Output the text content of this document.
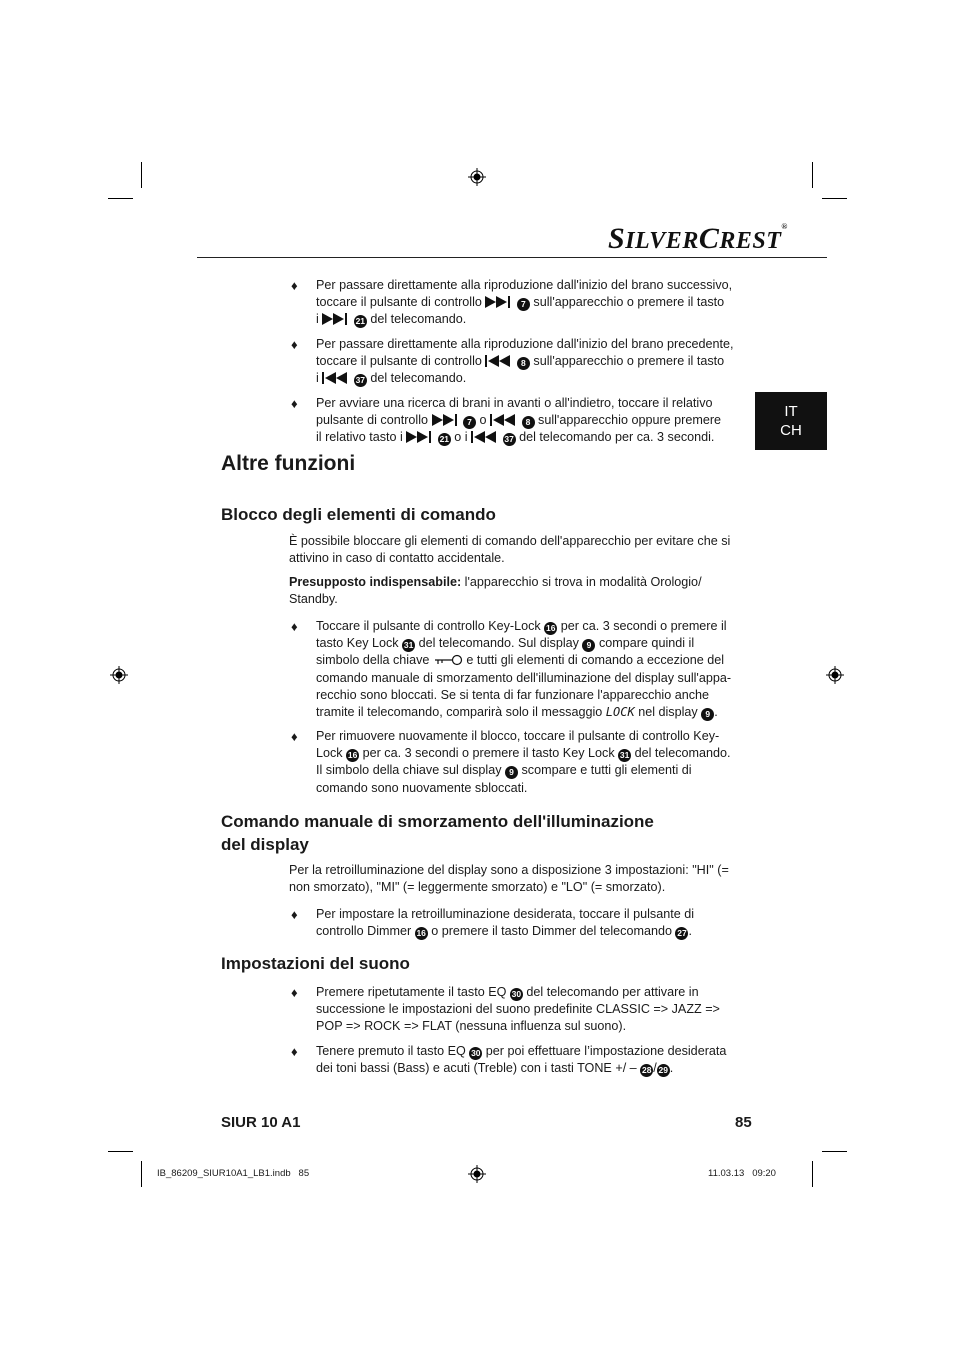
SILVERCREST®
IT
CH
♦ Per passare direttamente alla riproduzione dall'inizio del brano successivo,
toccare il pulsante di controllo	7 sull'apparecchio o premere il tasto
i	21 del telecomando.
♦ Per passare direttamente alla riproduzione dall'inizio del brano precedente,
toccare il pulsante di controllo	8 sull'apparecchio o premere il tasto
i	37 del telecomando.
♦ Per avviare una ricerca di brani in avanti o all'indietro, toccare il relativo
pulsante di controllo	7 o	8 sull'apparecchio oppure premere
il relativo tasto i	21 o i	37 del telecomando per ca. 3 secondi.
Altre funzioni
Blocco degli elementi di comando
È possibile bloccare gli elementi di comando dell'apparecchio per evitare che si attivino in caso di contatto accidentale.
Presupposto indispensabile: l'apparecchio si trova in modalità Orologio/ Standby.
♦ Toccare il pulsante di controllo Key-Lock 16 per ca. 3 secondi o premere il tasto Key Lock 31 del telecomando. Sul display 9 compare quindi il simbolo della chiave	e tutti gli elementi di comando a eccezione del comando manuale di smorzamento dell'illuminazione del display sull'appa-recchio sono bloccati. Se si tenta di far funzionare l'apparecchio anche tramite il telecomando, comparirà solo il messaggio LOCK nel display 9 .
♦ Per rimuovere nuovamente il blocco, toccare il pulsante di controllo Key-Lock 16 per ca. 3 secondi o premere il tasto Key Lock 31 del telecomando. Il simbolo della chiave sul display 9 scompare e tutti gli elementi di comando sono nuovamente sbloccati.
Comando manuale di smorzamento dell'illuminazione
del display
Per la retroilluminazione del display sono a disposizione 3 impostazioni: "HI" (= non smorzato), "MI" (= leggermente smorzato) e "LO" (= smorzato).
♦ Per impostare la retroilluminazione desiderata, toccare il pulsante di controllo Dimmer 16 o premere il tasto Dimmer del telecomando 27 .
Impostazioni del suono
♦ Premere ripetutamente il tasto EQ 30 del telecomando per attivare in successione le impostazioni del suono predefinite CLASSIC => JAZZ => POP => ROCK => FLAT (nessuna influenza sul suono).
♦ Tenere premuto il tasto EQ 30 per poi effettuare l’impostazione desiderata dei toni bassi (Bass) e acuti (Treble) con i tasti TONE +/ – 28 / 29 .
SIUR 10 A1	85
IB_86209_SIUR10A1_LB1.indb   85	11.03.13   09:20
